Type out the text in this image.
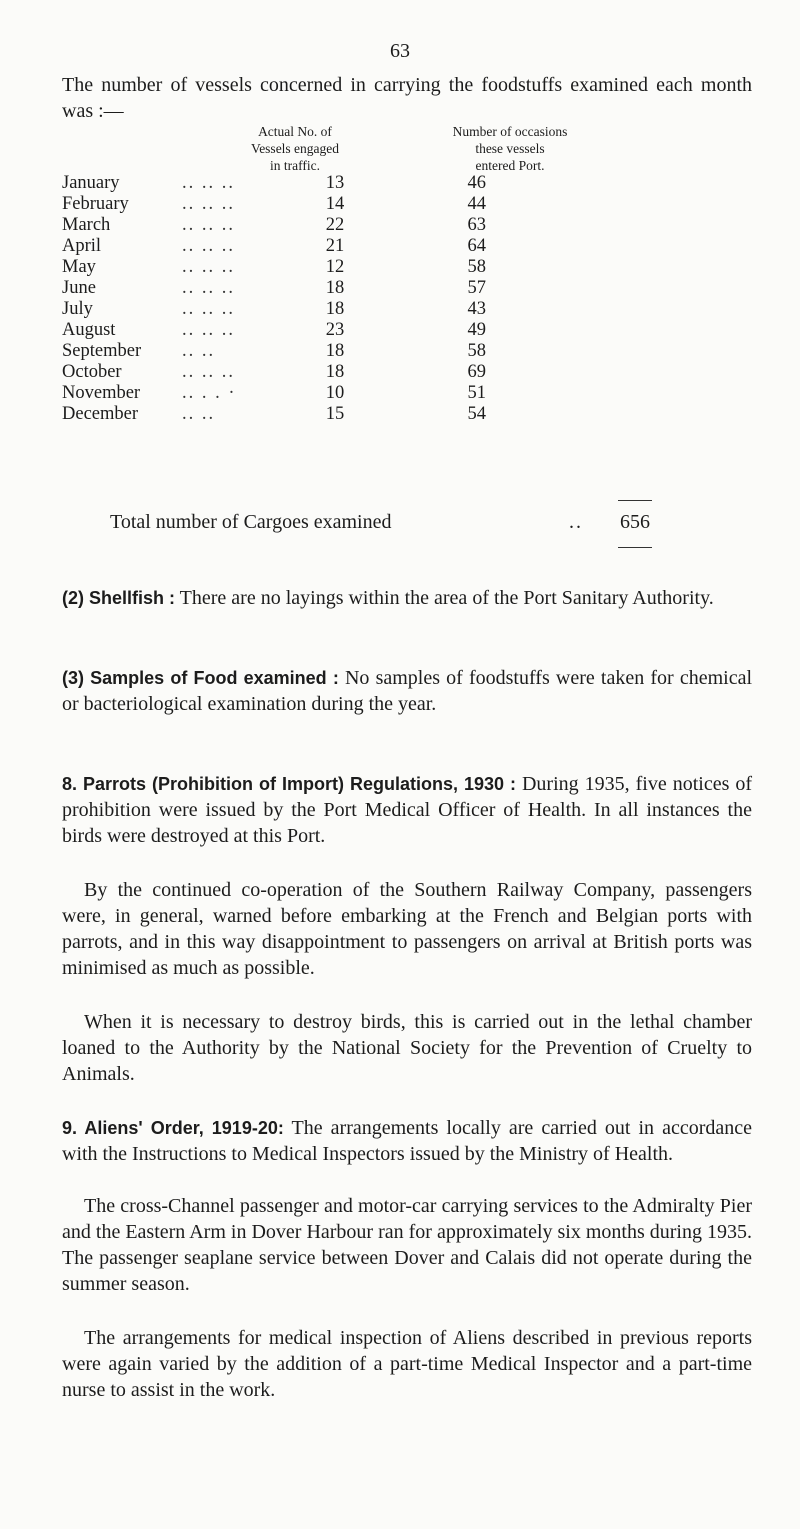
63

The number of vessels concerned in carrying the foodstuffs examined each month was :—

Actual No. of
Vessels engaged
in traffic.
Number of occasions
these vessels
entered Port.
January	.. .. ..	13	46
February	.. .. ..	14	44
March	.. .. ..	22	63
April	.. .. ..	21	64
May	.. .. ..	12	58
June	.. .. ..	18	57
July	.. .. ..	18	43
August	.. .. ..	23	49
September	.. ..	18	58
October	.. .. ..	18	69
November	.. . . ·	10	51
December	.. ..	15	54
Total number of Cargoes examined	.. 656

(2) Shellfish : There are no layings within the area of the Port Sanitary Authority.

(3) Samples of Food examined : No samples of foodstuffs were taken for chemical or bacteriological examination during the year.

8. Parrots (Prohibition of Import) Regulations, 1930 : During 1935, five notices of prohibition were issued by the Port Medical Officer of Health. In all instances the birds were destroyed at this Port.

By the continued co-operation of the Southern Railway Company, passengers were, in general, warned before embarking at the French and Belgian ports with parrots, and in this way disappointment to passengers on arrival at British ports was minimised as much as possible.

When it is necessary to destroy birds, this is carried out in the lethal chamber loaned to the Authority by the National Society for the Prevention of Cruelty to Animals.

9. Aliens' Order, 1919-20: The arrangements locally are carried out in accordance with the Instructions to Medical Inspectors issued by the Ministry of Health.

The cross-Channel passenger and motor-car carrying services to the Admiralty Pier and the Eastern Arm in Dover Harbour ran for approximately six months during 1935. The passenger seaplane service between Dover and Calais did not operate during the summer season.

The arrangements for medical inspection of Aliens described in previous reports were again varied by the addition of a part-time Medical Inspector and a part-time nurse to assist in the work.
